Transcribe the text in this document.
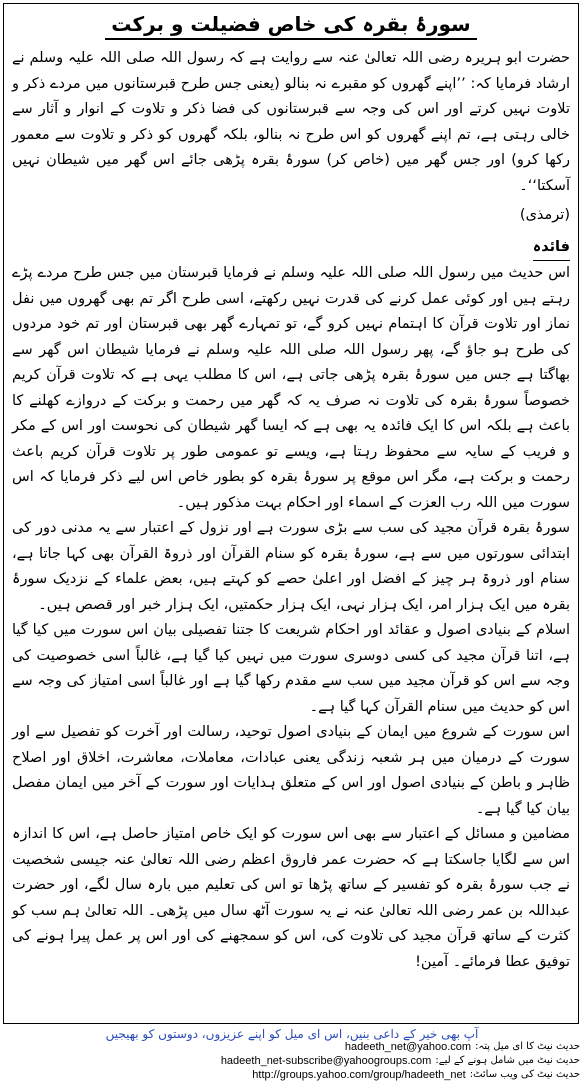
سورۂ بقرہ کی خاص فضیلت و برکت

حضرت ابو ہریرہ رضی اللہ تعالیٰ عنہ سے روایت ہے کہ رسول اللہ صلی اللہ علیہ وسلم نے ارشاد فرمایا کہ: ’’اپنے گھروں کو مقبرے نہ بنالو (یعنی جس طرح قبرستانوں میں مردے ذکر و تلاوت نہیں کرتے اور اس کی وجہ سے قبرستانوں کی فضا ذکر و تلاوت کے انوار و آثار سے خالی رہتی ہے، تم اپنے گھروں کو اس طرح نہ بنالو، بلکہ گھروں کو ذکر و تلاوت سے معمور رکھا کرو) اور جس گھر میں (خاص کر) سورۂ بقرہ پڑھی جائے اس گھر میں شیطان نہیں آسکتا‘‘۔

(ترمذی)

فائدہ

اس حدیث میں رسول اللہ صلی اللہ علیہ وسلم نے فرمایا قبرستان میں جس طرح مردے پڑے رہتے ہیں اور کوئی عمل کرنے کی قدرت نہیں رکھتے، اسی طرح اگر تم بھی گھروں میں نفل نماز اور تلاوت قرآن کا اہتمام نہیں کرو گے، تو تمہارے گھر بھی قبرستان اور تم خود مردوں کی طرح ہو جاؤ گے، پھر رسول اللہ صلی اللہ علیہ وسلم نے فرمایا شیطان اس گھر سے بھاگتا ہے جس میں سورۂ بقرہ پڑھی جاتی ہے، اس کا مطلب یہی ہے کہ تلاوت قرآن کریم خصوصاً سورۂ بقرہ کی تلاوت نہ صرف یہ کہ گھر میں رحمت و برکت کے دروازے کھلنے کا باعث ہے بلکہ اس کا ایک فائدہ یہ بھی ہے کہ ایسا گھر شیطان کی نحوست اور اس کے مکر و فریب کے سایہ سے محفوظ رہتا ہے، ویسے تو عمومی طور پر تلاوت قرآن کریم باعث رحمت و برکت ہے، مگر اس موقع پر سورۂ بقرہ کو بطور خاص اس لیے ذکر فرمایا کہ اس سورت میں اللہ رب العزت کے اسماء اور احکام بہت مذکور ہیں۔

سورۂ بقرہ قرآن مجید کی سب سے بڑی سورت ہے اور نزول کے اعتبار سے یہ مدنی دور کی ابتدائی سورتوں میں سے ہے، سورۂ بقرہ کو سنام القرآن اور ذروۃ القرآن بھی کہا جاتا ہے، سنام اور ذروۃ ہر چیز کے افضل اور اعلیٰ حصے کو کہتے ہیں، بعض علماء کے نزدیک سورۂ بقرہ میں ایک ہزار امر، ایک ہزار نہی، ایک ہزار حکمتیں، ایک ہزار خبر اور قصص ہیں۔

اسلام کے بنیادی اصول و عقائد اور احکام شریعت کا جتنا تفصیلی بیان اس سورت میں کیا گیا ہے، اتنا قرآن مجید کی کسی دوسری سورت میں نہیں کیا گیا ہے، غالباً اسی خصوصیت کی وجہ سے اس کو قرآن مجید میں سب سے مقدم رکھا گیا ہے اور غالباً اسی امتیاز کی وجہ سے اس کو حدیث میں سنام القرآن کہا گیا ہے۔

اس سورت کے شروع میں ایمان کے بنیادی اصول توحید، رسالت اور آخرت کو تفصیل سے اور سورت کے درمیان میں ہر شعبہ زندگی یعنی عبادات، معاملات، معاشرت، اخلاق اور اصلاح ظاہر و باطن کے بنیادی اصول اور اس کے متعلق ہدایات اور سورت کے آخر میں ایمان مفصل بیان کیا گیا ہے۔

مضامین و مسائل کے اعتبار سے بھی اس سورت کو ایک خاص امتیاز حاصل ہے، اس کا اندازہ اس سے لگایا جاسکتا ہے کہ حضرت عمر فاروق اعظم رضی اللہ تعالیٰ عنہ جیسی شخصیت نے جب سورۂ بقرہ کو تفسیر کے ساتھ پڑھا تو اس کی تعلیم میں بارہ سال لگے، اور حضرت عبداللہ بن عمر رضی اللہ تعالیٰ عنہ نے یہ سورت آٹھ سال میں پڑھی۔ اللہ تعالیٰ ہم سب کو کثرت کے ساتھ قرآن مجید کی تلاوت کی، اس کو سمجھنے کی اور اس پر عمل پیرا ہونے کی توفیق عطا فرمائے۔ آمین!

آپ بھی خیر کے داعی بنیں، اس ای میل کو اپنے عزیزوں، دوستوں کو بھیجیں
hadeeth_net@yahoo.com حدیث نیٹ کا ای میل پتہ:
hadeeth_net-subscribe@yahoogroups.com حدیث نیٹ میں شامل ہونے کے لیے:
http://groups.yahoo.com/group/hadeeth_net حدیث نیٹ کی ویب سائٹ:
